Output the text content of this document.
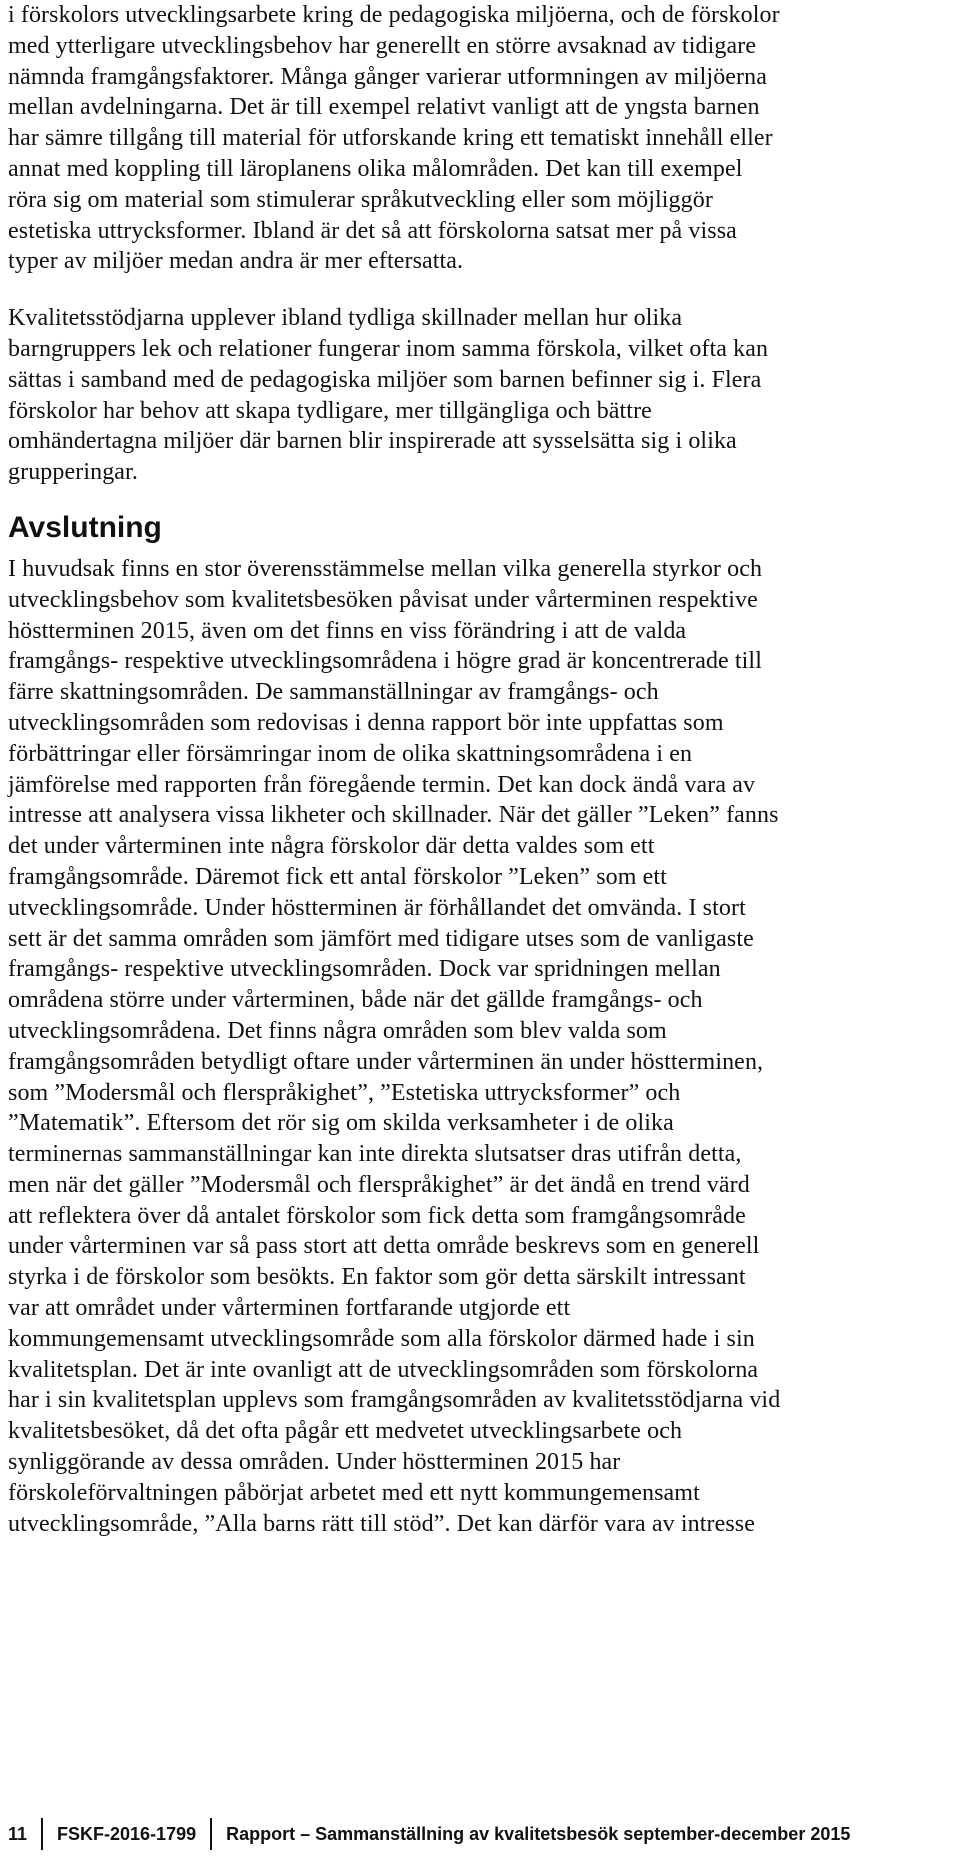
i förskolors utvecklingsarbete kring de pedagogiska miljöerna, och de förskolor
med ytterligare utvecklingsbehov har generellt en större avsaknad av tidigare
nämnda framgångsfaktorer. Många gånger varierar utformningen av miljöerna
mellan avdelningarna. Det är till exempel relativt vanligt att de yngsta barnen
har sämre tillgång till material för utforskande kring ett tematiskt innehåll eller
annat med koppling till läroplanens olika målområden. Det kan till exempel
röra sig om material som stimulerar språkutveckling eller som möjliggör
estetiska uttrycksformer. Ibland är det så att förskolorna satsat mer på vissa
typer av miljöer medan andra är mer eftersatta.
Kvalitetsstödjarna upplever ibland tydliga skillnader mellan hur olika
barngruppers lek och relationer fungerar inom samma förskola, vilket ofta kan
sättas i samband med de pedagogiska miljöer som barnen befinner sig i. Flera
förskolor har behov att skapa tydligare, mer tillgängliga och bättre
omhändertagna miljöer där barnen blir inspirerade att sysselsätta sig i olika
grupperingar.
Avslutning
I huvudsak finns en stor överensstämmelse mellan vilka generella styrkor och
utvecklingsbehov som kvalitetsbesöken påvisat under vårterminen respektive
höstterminen 2015, även om det finns en viss förändring i att de valda
framgångs- respektive utvecklingsområdena i högre grad är koncentrerade till
färre skattningsområden. De sammanställningar av framgångs- och
utvecklingsområden som redovisas i denna rapport bör inte uppfattas som
förbättringar eller försämringar inom de olika skattningsområdena i en
jämförelse med rapporten från föregående termin. Det kan dock ändå vara av
intresse att analysera vissa likheter och skillnader. När det gäller ”Leken” fanns
det under vårterminen inte några förskolor där detta valdes som ett
framgångsområde. Däremot fick ett antal förskolor ”Leken” som ett
utvecklingsområde. Under höstterminen är förhållandet det omvända. I stort
sett är det samma områden som jämfört med tidigare utses som de vanligaste
framgångs- respektive utvecklingsområden. Dock var spridningen mellan
områdena större under vårterminen, både när det gällde framgångs- och
utvecklingsområdena. Det finns några områden som blev valda som
framgångsområden betydligt oftare under vårterminen än under höstterminen,
som ”Modersmål och flerspråkighet”, ”Estetiska uttrycksformer” och
”Matematik”. Eftersom det rör sig om skilda verksamheter i de olika
terminernas sammanställningar kan inte direkta slutsatser dras utifrån detta,
men när det gäller ”Modersmål och flerspråkighet” är det ändå en trend värd
att reflektera över då antalet förskolor som fick detta som framgångsområde
under vårterminen var så pass stort att detta område beskrevs som en generell
styrka i de förskolor som besökts. En faktor som gör detta särskilt intressant
var att området under vårterminen fortfarande utgjorde ett
kommungemensamt utvecklingsområde som alla förskolor därmed hade i sin
kvalitetsplan. Det är inte ovanligt att de utvecklingsområden som förskolorna
har i sin kvalitetsplan upplevs som framgångsområden av kvalitetsstödjarna vid
kvalitetsbesöket, då det ofta pågår ett medvetet utvecklingsarbete och
synliggörande av dessa områden. Under höstterminen 2015 har
förskoleförvaltningen påbörjat arbetet med ett nytt kommungemensamt
utvecklingsområde, ”Alla barns rätt till stöd”. Det kan därför vara av intresse
11 FSKF-2016-1799 Rapport – Sammanställning av kvalitetsbesök september-december 2015
